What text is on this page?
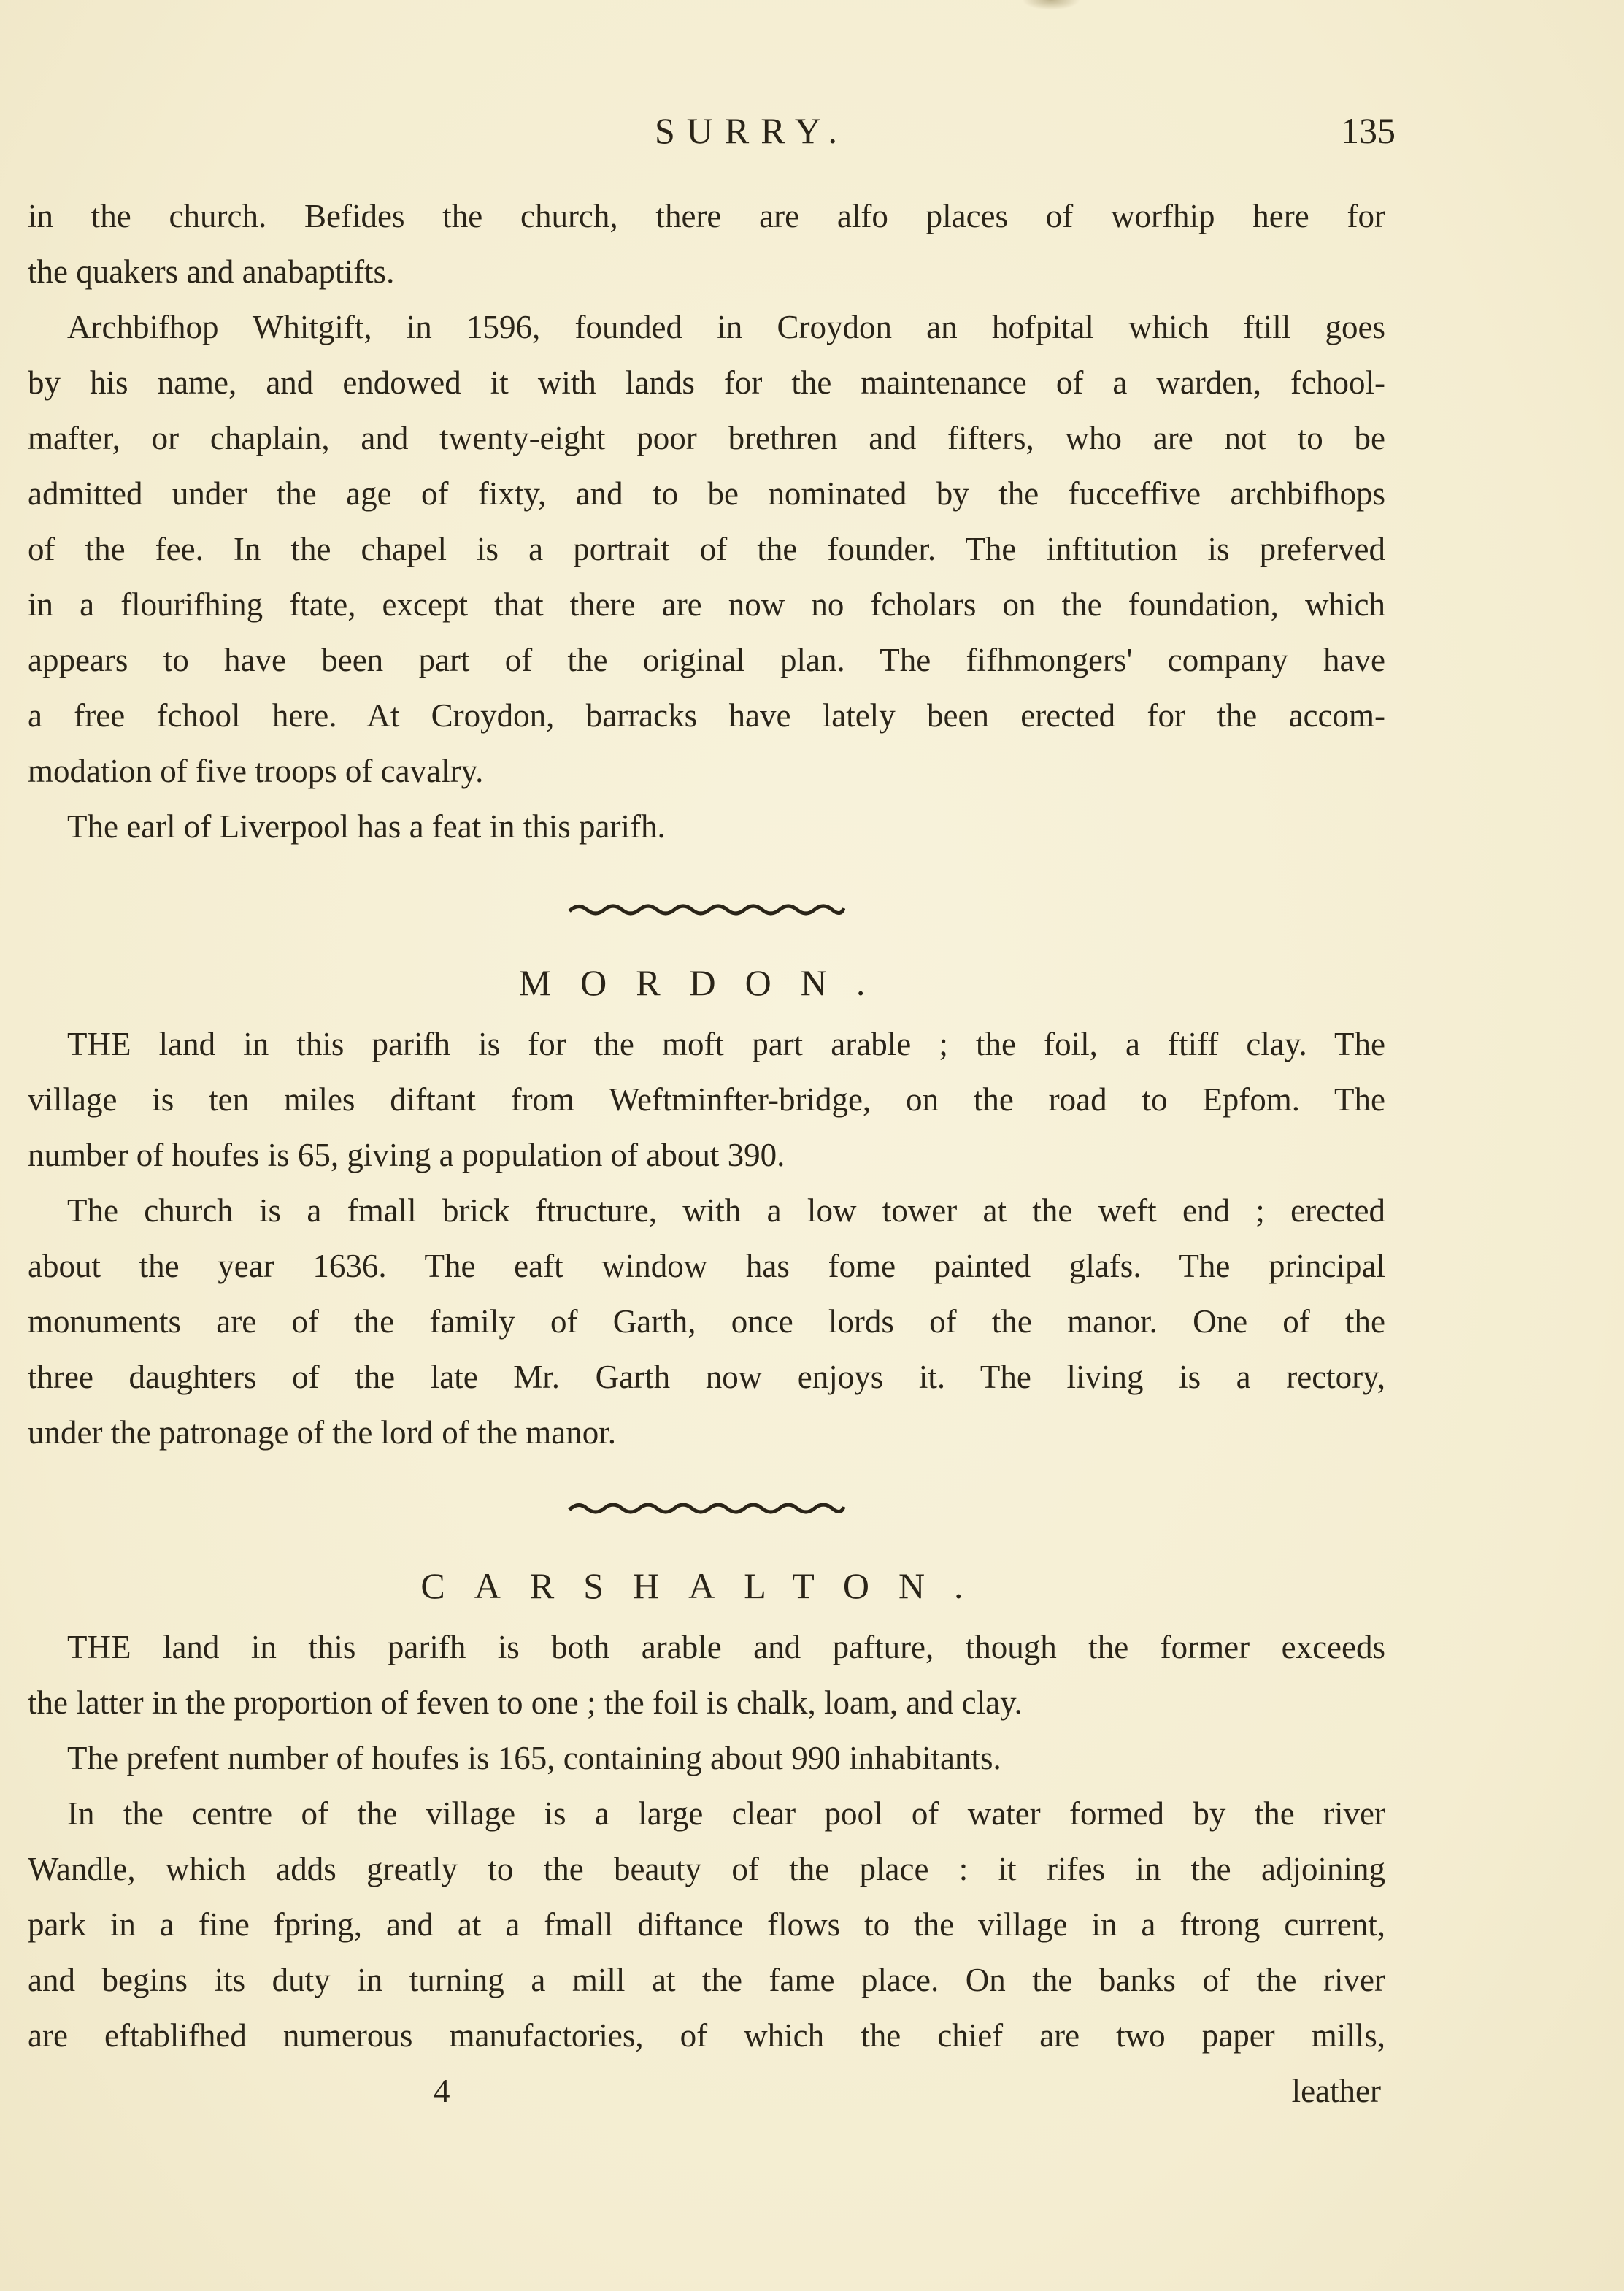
SURRY.	135
in the church. Befides the church, there are alfo places of worfhip here for
the quakers and anabaptifts.
Archbifhop Whitgift, in 1596, founded in Croydon an hofpital which ftill goes
by his name, and endowed it with lands for the maintenance of a warden, fchool-
mafter, or chaplain, and twenty-eight poor brethren and fifters, who are not to be
admitted under the age of fixty, and to be nominated by the fucceffive archbifhops
of the fee. In the chapel is a portrait of the founder. The inftitution is preferved
in a flourifhing ftate, except that there are now no fcholars on the foundation, which
appears to have been part of the original plan. The fifhmongers' company have
a free fchool here. At Croydon, barracks have lately been erected for the accom-
modation of five troops of cavalry.
The earl of Liverpool has a feat in this parifh.
MORDON.
THE land in this parifh is for the moft part arable ; the foil, a ftiff clay. The
village is ten miles diftant from Weftminfter-bridge, on the road to Epfom. The
number of houfes is 65, giving a population of about 390.
The church is a fmall brick ftructure, with a low tower at the weft end ; erected
about the year 1636. The eaft window has fome painted glafs. The principal
monuments are of the family of Garth, once lords of the manor. One of the
three daughters of the late Mr. Garth now enjoys it. The living is a rectory,
under the patronage of the lord of the manor.
CARSHALTON.
THE land in this parifh is both arable and pafture, though the former exceeds
the latter in the proportion of feven to one ; the foil is chalk, loam, and clay.
The prefent number of houfes is 165, containing about 990 inhabitants.
In the centre of the village is a large clear pool of water formed by the river
Wandle, which adds greatly to the beauty of the place : it rifes in the adjoining
park in a fine fpring, and at a fmall diftance flows to the village in a ftrong current,
and begins its duty in turning a mill at the fame place. On the banks of the river
are eftablifhed numerous manufactories, of which the chief are two paper mills,
4	leather
